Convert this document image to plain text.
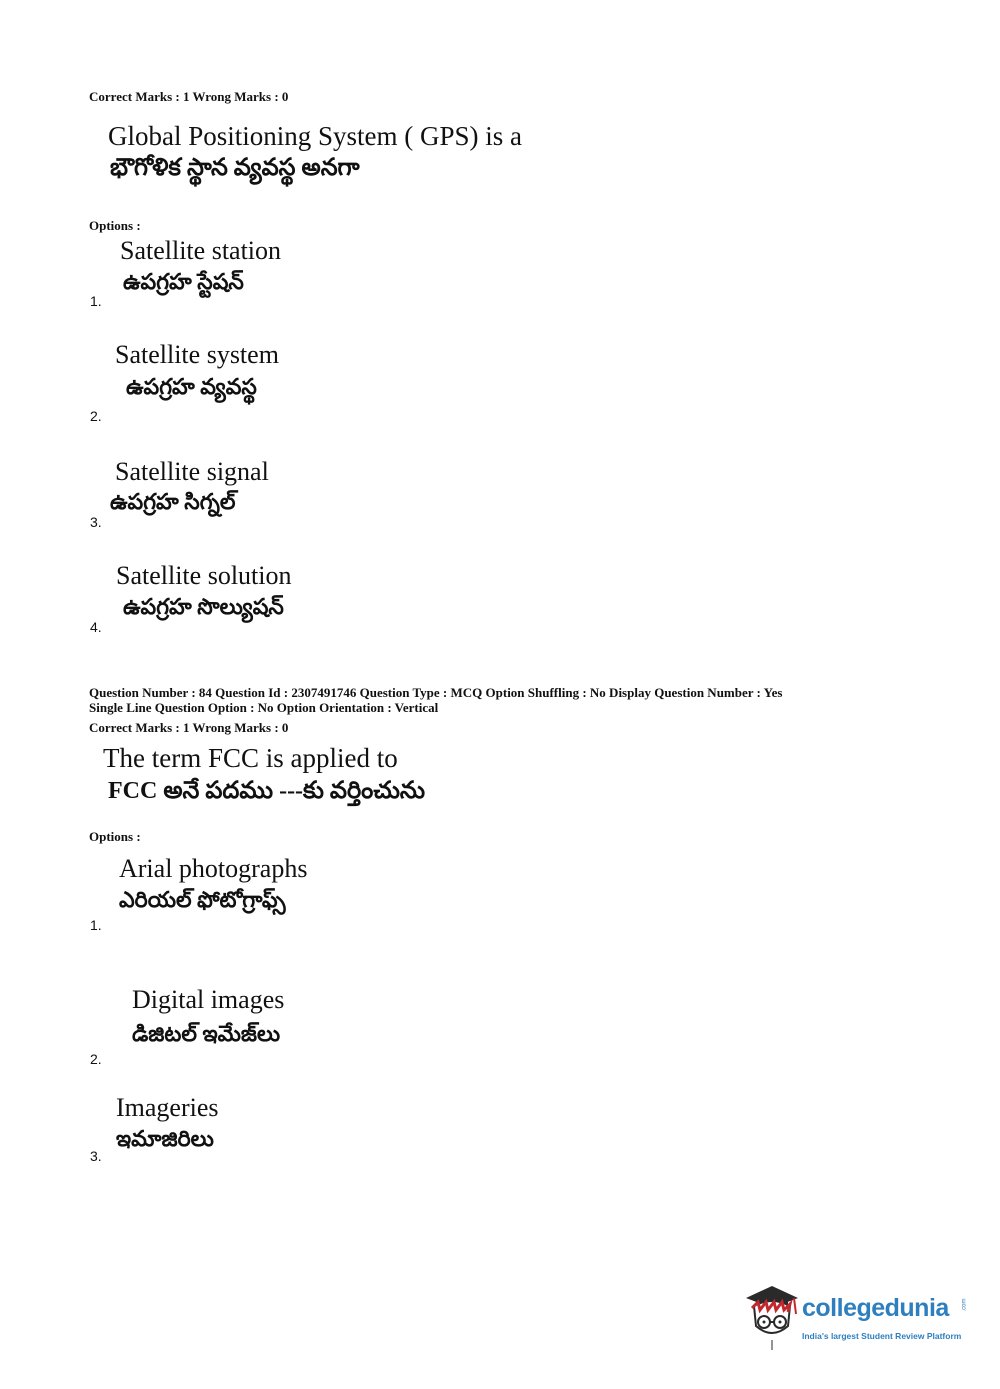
Correct Marks : 1 Wrong Marks : 0
Global Positioning System ( GPS) is a
భౌగోళిక స్థాన వ్యవస్థ అనగా
Options :
Satellite station
ఉపగ్రహ స్టేషన్
1.
Satellite system
ఉపగ్రహ వ్యవస్థ
2.
Satellite signal
ఉపగ్రహ సిగ్నల్
3.
Satellite solution
ఉపగ్రహ సొల్యుషన్
4.
Question Number : 84 Question Id : 2307491746 Question Type : MCQ Option Shuffling : No Display Question Number : Yes
Single Line Question Option : No Option Orientation : Vertical
Correct Marks : 1 Wrong Marks : 0
The term FCC is applied to
FCC అనే పదము ---కు వర్తించును
Options :
Arial photographs
ఎరియల్ ఫోటోగ్రాఫ్స్
1.
Digital images
డిజిటల్ ఇమేజ్‌లు
2.
Imageries
ఇమాజిరిలు
3.
collegedunia .com
India's largest Student Review Platform
